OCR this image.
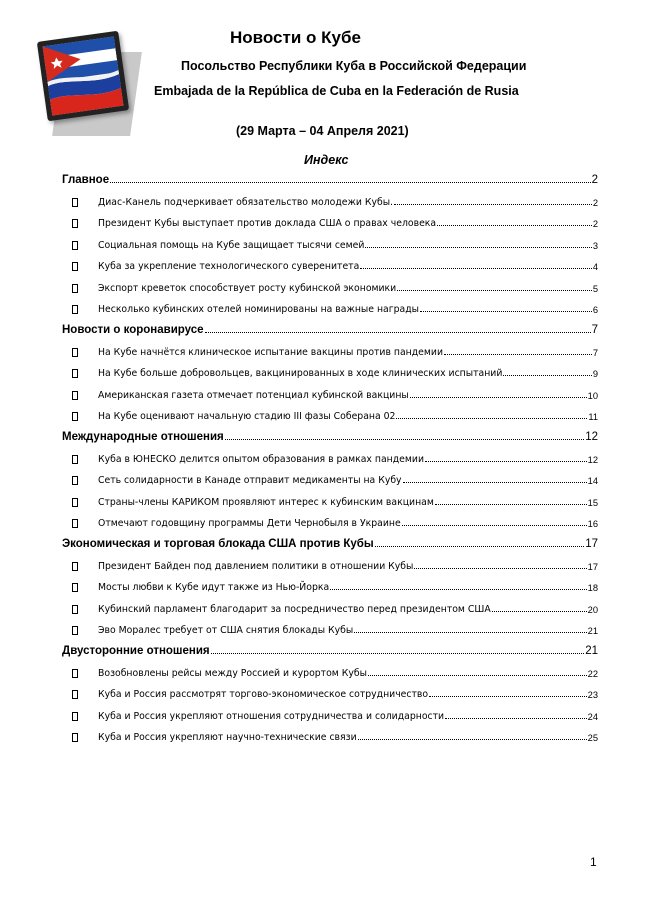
Новости о Кубе
Посольство Республики Куба в Российской Федерации
Embajada de la República de Cuba en la Federación de Rusia
(29 Марта – 04 Апреля 2021)
Индекс
Главное	2
Диас-Канель подчеркивает обязательство молодежи Кубы.	2
Президент Кубы выступает против доклада США о правах человека	2
Социальная помощь на Кубе защищает тысячи семей	3
Куба за укрепление технологического суверенитета	4
Экспорт креветок способствует росту кубинской экономики	5
Несколько кубинских отелей номинированы на важные награды	6
Новости о коронавирусе	7
На Кубе начнётся клиническое испытание вакцины против пандемии	7
На Кубе больше добровольцев, вакцинированных в ходе клинических испытаний	9
Американская газета отмечает потенциал кубинской вакцины	10
На Кубе оценивают начальную стадию III фазы Соберана 02	11
Международные отношения	12
Куба в ЮНЕСКО делится опытом образования в рамках пандемии	12
Сеть солидарности в Канаде отправит медикаменты на Кубу	14
Страны-члены КАРИКОМ проявляют интерес к кубинским вакцинам	15
Отмечают годовщину программы Дети Чернобыля в Украине	16
Экономическая и торговая блокада США против Кубы	17
Президент Байден под давлением политики в отношении Кубы	17
Мосты любви к Кубе идут также из Нью-Йорка	18
Кубинский парламент благодарит за посредничество перед президентом США	20
Эво Моралес требует от США снятия блокады Кубы	21
Двусторонние отношения	21
Возобновлены рейсы между Россией и курортом Кубы	22
Куба и Россия рассмотрят торгово-экономическое сотрудничество	23
Куба и Россия укрепляют отношения сотрудничества и солидарности	24
Куба и Россия укрепляют научно-технические связи	25
1
